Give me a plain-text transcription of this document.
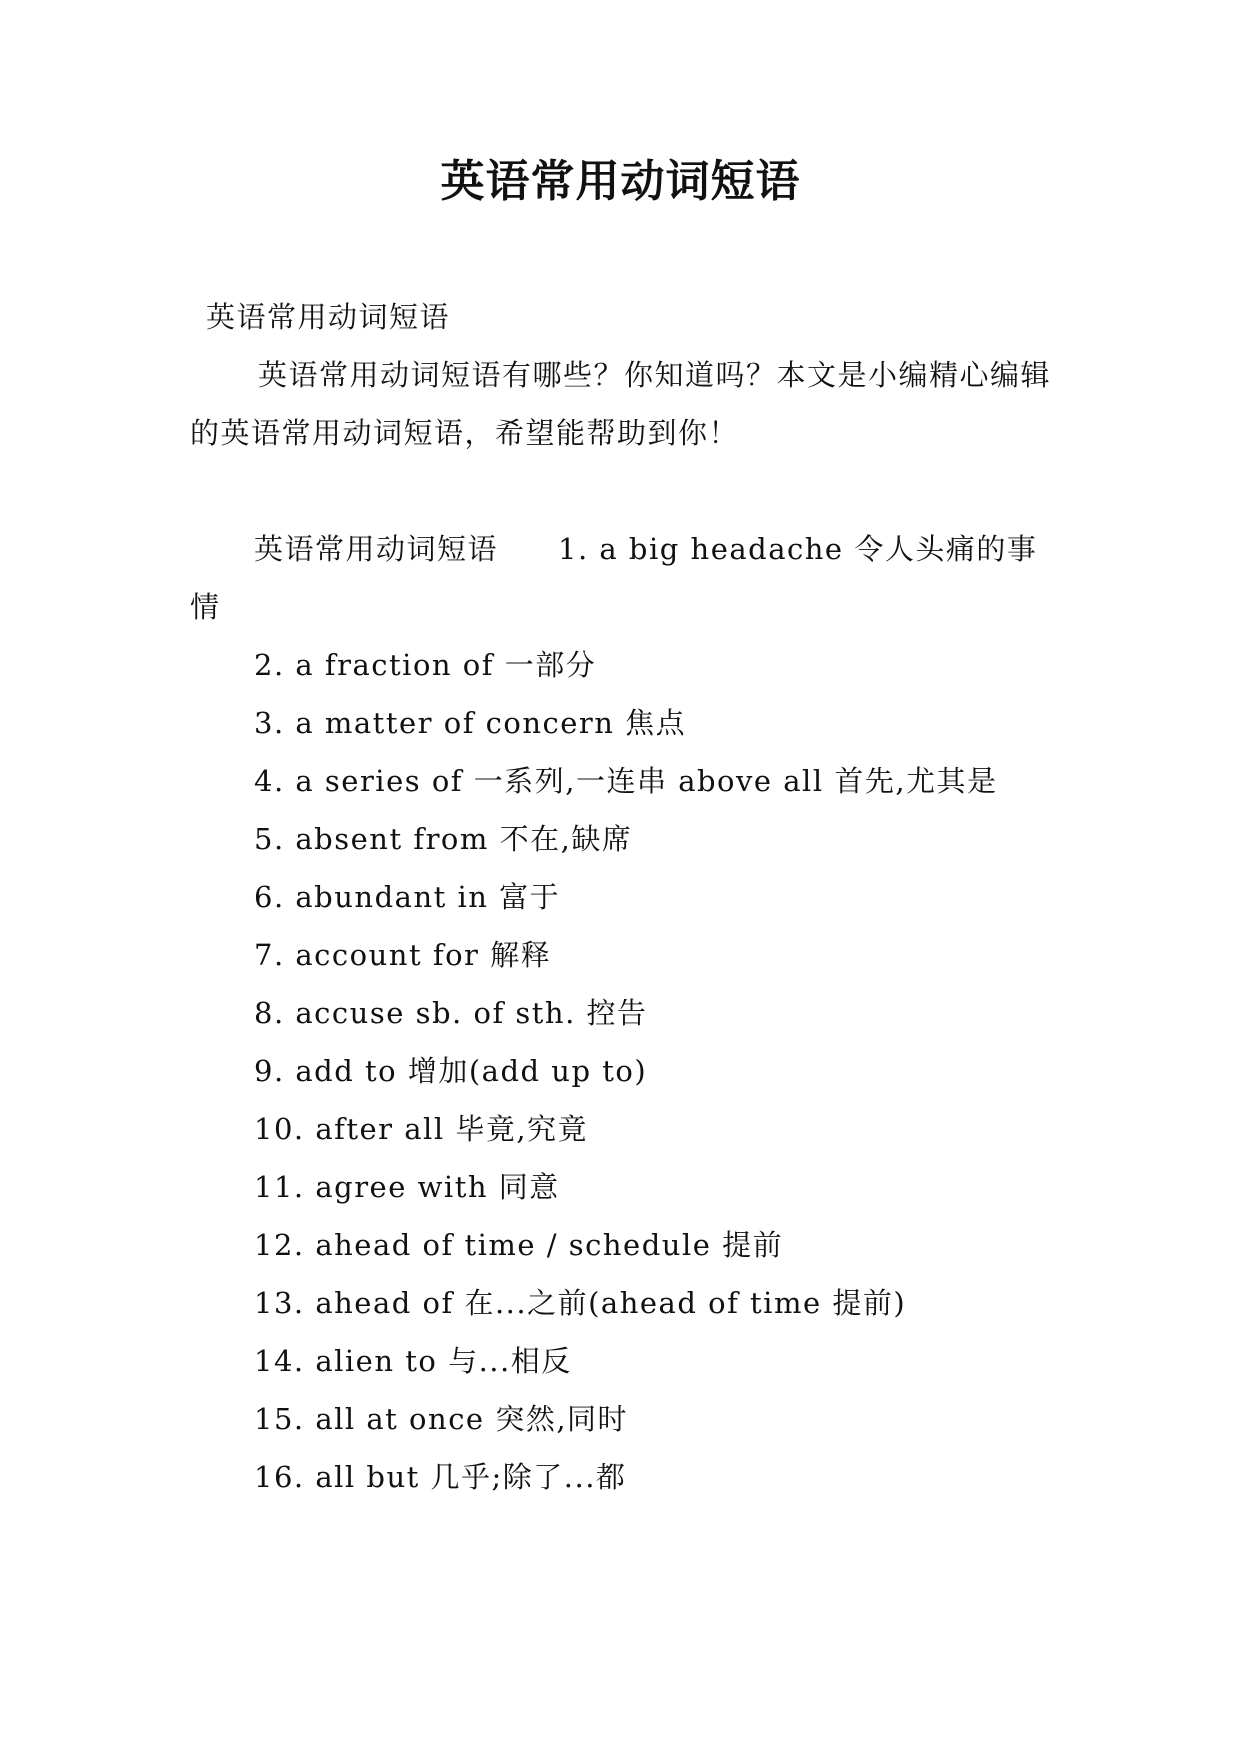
英语常用动词短语
英语常用动词短语
英语常用动词短语有哪些？你知道吗？本文是小编精心编辑的英语常用动词短语，希望能帮助到你！
英语常用动词短语 1. a big headache 令人头痛的事情
2. a fraction of 一部分
3. a matter of concern 焦点
4. a series of 一系列,一连串 above all 首先,尤其是
5. absent from 不在,缺席
6. abundant in 富于
7. account for 解释
8. accuse sb. of sth. 控告
9. add to 增加(add up to)
10. after all 毕竟,究竟
11. agree with 同意
12. ahead of time / schedule 提前
13. ahead of 在...之前(ahead of time 提前)
14. alien to 与...相反
15. all at once 突然,同时
16. all but 几乎;除了...都
